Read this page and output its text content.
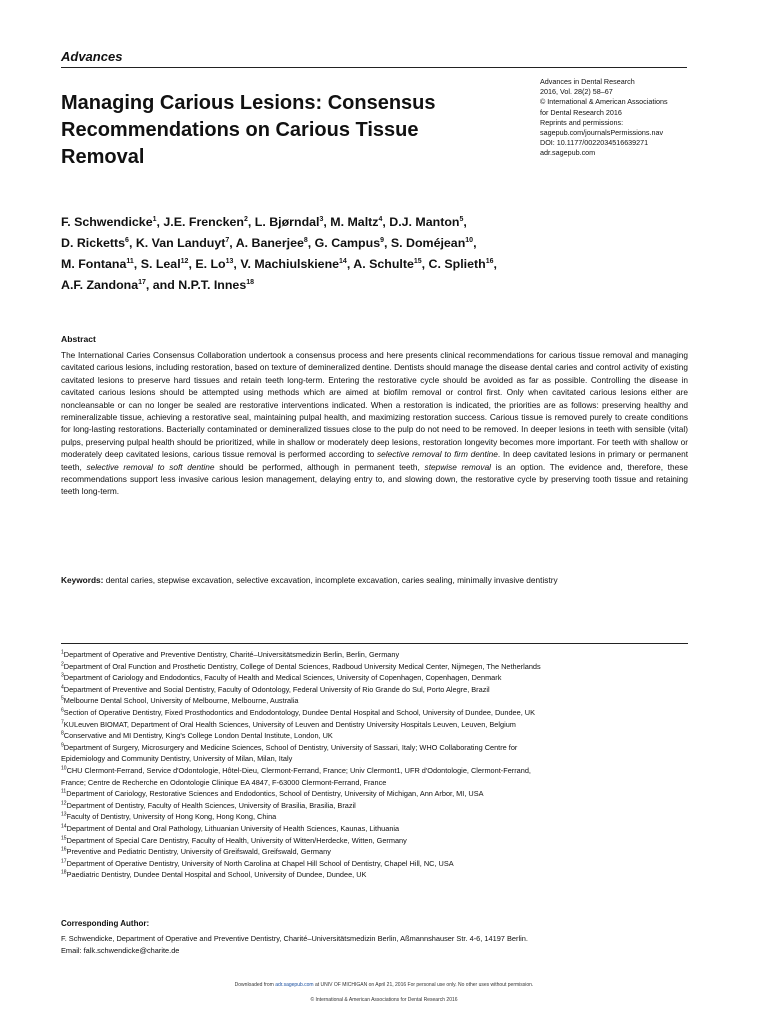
Advances
Managing Carious Lesions: Consensus
Recommendations on Carious Tissue
Removal
Advances in Dental Research
2016, Vol. 28(2) 58–67
© International & American Associations
for Dental Research 2016
Reprints and permissions:
sagepub.com/journalsPermissions.nav
DOI: 10.1177/0022034516639271
adr.sagepub.com
F. Schwendicke$^1$, J.E. Frencken$^2$, L. Bjørndal$^3$, M. Maltz$^4$, D.J. Manton$^5$,
D. Ricketts$^6$, K. Van Landuyt$^7$, A. Banerjee$^8$, G. Campus$^9$, S. Doméjean$^{10}$,
M. Fontana$^{11}$, S. Leal$^{12}$, E. Lo$^{13}$, V. Machiulskiene$^{14}$, A. Schulte$^{15}$, C. Splieth$^{16}$,
A.F. Zandona$^{17}$, and N.P.T. Innes$^{18}$
Abstract
The International Caries Consensus Collaboration undertook a consensus process and here presents clinical recommendations for carious tissue removal and managing cavitated carious lesions, including restoration, based on texture of demineralized dentine. Dentists should manage the disease dental caries and control activity of existing cavitated lesions to preserve hard tissues and retain teeth long-term. Entering the restorative cycle should be avoided as far as possible. Controlling the disease in cavitated carious lesions should be attempted using methods which are aimed at biofilm removal or control first. Only when cavitated carious lesions either are noncleansable or can no longer be sealed are restorative interventions indicated. When a restoration is indicated, the priorities are as follows: preserving healthy and remineralizable tissue, achieving a restorative seal, maintaining pulpal health, and maximizing restoration success. Carious tissue is removed purely to create conditions for long-lasting restorations. Bacterially contaminated or demineralized tissues close to the pulp do not need to be removed. In deeper lesions in teeth with sensible (vital) pulps, preserving pulpal health should be prioritized, while in shallow or moderately deep lesions, restoration longevity becomes more important. For teeth with shallow or moderately deep cavitated lesions, carious tissue removal is performed according to selective removal to firm dentine. In deep cavitated lesions in primary or permanent teeth, selective removal to soft dentine should be performed, although in permanent teeth, stepwise removal is an option. The evidence and, therefore, these recommendations support less invasive carious lesion management, delaying entry to, and slowing down, the restorative cycle by preserving tooth tissue and retaining teeth long-term.
Keywords: dental caries, stepwise excavation, selective excavation, incomplete excavation, caries sealing, minimally invasive dentistry
$^1$Department of Operative and Preventive Dentistry, Charité–Universitätsmedizin Berlin, Berlin, Germany
$^2$Department of Oral Function and Prosthetic Dentistry, College of Dental Sciences, Radboud University Medical Center, Nijmegen, The Netherlands
$^3$Department of Cariology and Endodontics, Faculty of Health and Medical Sciences, University of Copenhagen, Copenhagen, Denmark
$^4$Department of Preventive and Social Dentistry, Faculty of Odontology, Federal University of Rio Grande do Sul, Porto Alegre, Brazil
$^5$Melbourne Dental School, University of Melbourne, Melbourne, Australia
$^6$Section of Operative Dentistry, Fixed Prosthodontics and Endodontology, Dundee Dental Hospital and School, University of Dundee, Dundee, UK
$^7$KULeuven BIOMAT, Department of Oral Health Sciences, University of Leuven and Dentistry University Hospitals Leuven, Leuven, Belgium
$^8$Conservative and MI Dentistry, King's College London Dental Institute, London, UK
$^9$Department of Surgery, Microsurgery and Medicine Sciences, School of Dentistry, University of Sassari, Italy; WHO Collaborating Centre for
Epidemiology and Community Dentistry, University of Milan, Milan, Italy
$^{10}$CHU Clermont-Ferrand, Service d'Odontologie, Hôtel-Dieu, Clermont-Ferrand, France; Univ Clermont1, UFR d'Odontologie, Clermont-Ferrand,
France; Centre de Recherche en Odontologie Clinique EA 4847, F-63000 Clermont-Ferrand, France
$^{11}$Department of Cariology, Restorative Sciences and Endodontics, School of Dentistry, University of Michigan, Ann Arbor, MI, USA
$^{12}$Department of Dentistry, Faculty of Health Sciences, University of Brasilia, Brasilia, Brazil
$^{13}$Faculty of Dentistry, University of Hong Kong, Hong Kong, China
$^{14}$Department of Dental and Oral Pathology, Lithuanian University of Health Sciences, Kaunas, Lithuania
$^{15}$Department of Special Care Dentistry, Faculty of Health, University of Witten/Herdecke, Witten, Germany
$^{16}$Preventive and Pediatric Dentistry, University of Greifswald, Greifswald, Germany
$^{17}$Department of Operative Dentistry, University of North Carolina at Chapel Hill School of Dentistry, Chapel Hill, NC, USA
$^{18}$Paediatric Dentistry, Dundee Dental Hospital and School, University of Dundee, Dundee, UK
Corresponding Author:
F. Schwendicke, Department of Operative and Preventive Dentistry, Charité–Universitätsmedizin Berlin, Aßmannshauser Str. 4-6, 14197 Berlin.
Email: falk.schwendicke@charite.de
Downloaded from adr.sagepub.com at UNIV OF MICHIGAN on April 21, 2016 For personal use only. No other uses without permission.
© International & American Associations for Dental Research 2016
